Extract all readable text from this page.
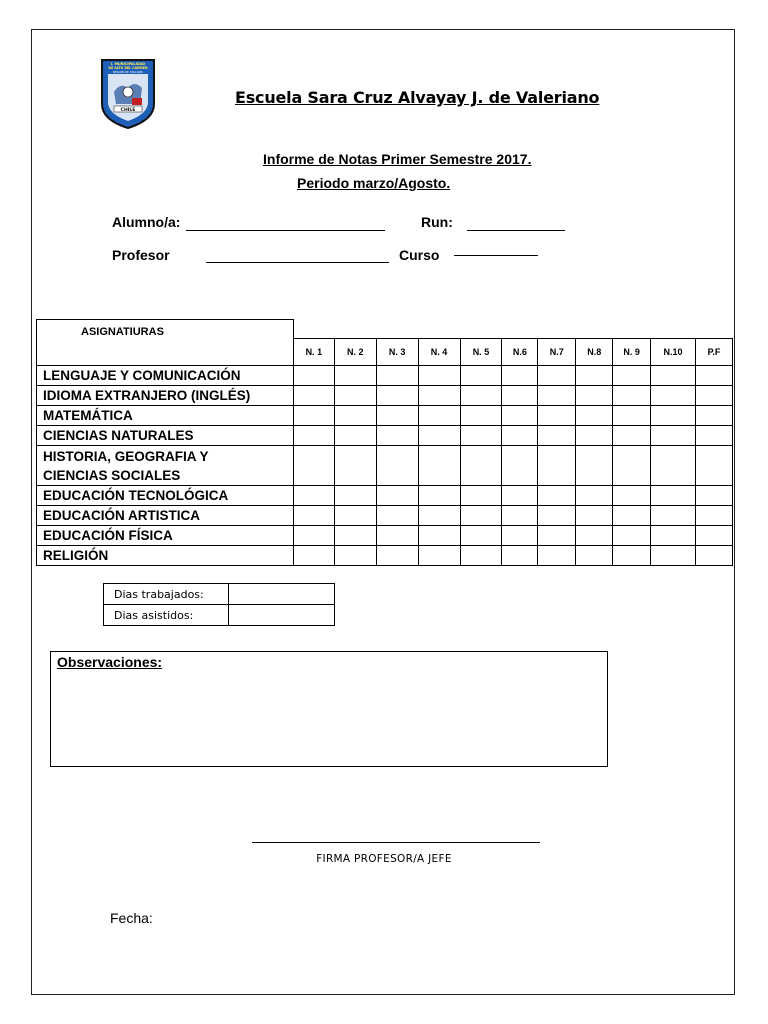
I. MUNICIPALIDAD
DE ALTO DEL CARMEN
REGION DE ATACAMA
CHILE
Escuela Sara Cruz Alvayay J. de Valeriano
Informe de Notas Primer Semestre 2017.
Periodo marzo/Agosto.
Alumno/a:	Run:
Profesor	Curso
ASIGNATIURAS											
	N. 1	N. 2	N. 3	N. 4	N. 5	N.6	N.7	N.8	N. 9	N.10	P.F
LENGUAJE Y COMUNICACIÓN											
IDIOMA EXTRANJERO (INGLÉS)											
MATEMÁTICA											
CIENCIAS NATURALES											

HISTORIA, GEOGRAFIA Y
CIENCIAS SOCIALES											

EDUCACIÓN TECNOLÓGICA											
EDUCACIÓN ARTISTICA											
EDUCACIÓN FÍSICA											
RELIGIÓN											
Dias trabajados:	
Dias asistidos:	
Observaciones:
FIRMA PROFESOR/A JEFE
Fecha:
